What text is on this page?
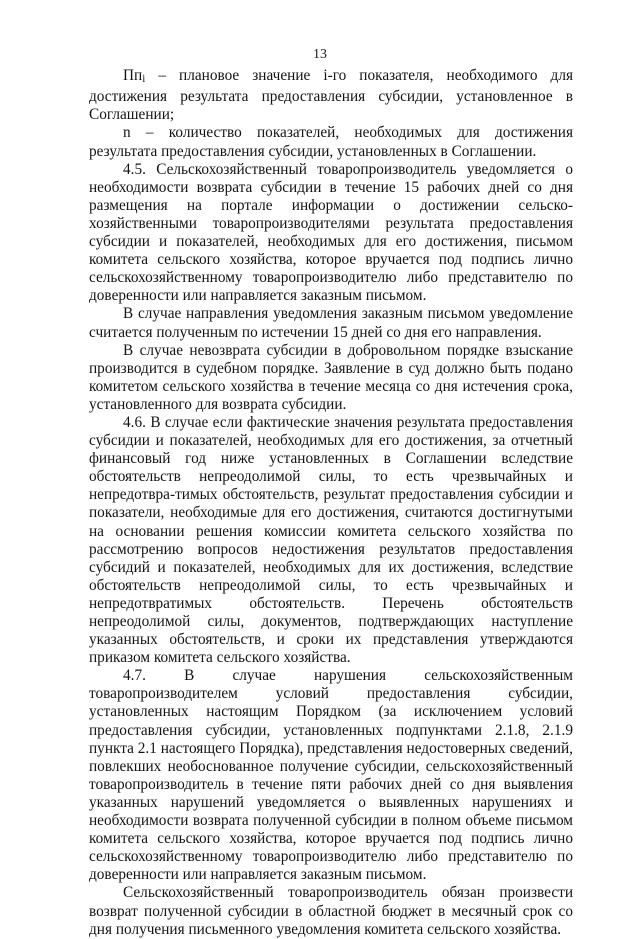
13

Ппi – плановое значение i-го показателя, необходимого для достижения результата предоставления субсидии, установленное в Соглашении;

n – количество показателей, необходимых для достижения результата предоставления субсидии, установленных в Соглашении.

4.5. Сельскохозяйственный товаропроизводитель уведомляется о необходимости возврата субсидии в течение 15 рабочих дней со дня размещения на портале информации о достижении сельско-хозяйственными товаропроизводителями результата предоставления субсидии и показателей, необходимых для его достижения, письмом комитета сельского хозяйства, которое вручается под подпись лично сельскохозяйственному товаропроизводителю либо представителю по доверенности или направляется заказным письмом.

В случае направления уведомления заказным письмом уведомление считается полученным по истечении 15 дней со дня его направления.

В случае невозврата субсидии в добровольном порядке взыскание производится в судебном порядке. Заявление в суд должно быть подано комитетом сельского хозяйства в течение месяца со дня истечения срока, установленного для возврата субсидии.

4.6. В случае если фактические значения результата предоставления субсидии и показателей, необходимых для его достижения, за отчетный финансовый год ниже установленных в Соглашении вследствие обстоятельств непреодолимой силы, то есть чрезвычайных и непредотвра-тимых обстоятельств, результат предоставления субсидии и показатели, необходимые для его достижения, считаются достигнутыми на основании решения комиссии комитета сельского хозяйства по рассмотрению вопросов недостижения результатов предоставления субсидий и показателей, необходимых для их достижения, вследствие обстоятельств непреодолимой силы, то есть чрезвычайных и непредотвратимых обстоятельств. Перечень обстоятельств непреодолимой силы, документов, подтверждающих наступление указанных обстоятельств, и сроки их представления утверждаются приказом комитета сельского хозяйства.

4.7. В случае нарушения сельскохозяйственным товаропроизводителем условий предоставления субсидии, установленных настоящим Порядком (за исключением условий предоставления субсидии, установленных подпунктами 2.1.8, 2.1.9 пункта 2.1 настоящего Порядка), представления недостоверных сведений, повлекших необоснованное получение субсидии, сельскохозяйственный товаропроизводитель в течение пяти рабочих дней со дня выявления указанных нарушений уведомляется о выявленных нарушениях и необходимости возврата полученной субсидии в полном объеме письмом комитета сельского хозяйства, которое вручается под подпись лично сельскохозяйственному товаропроизводителю либо представителю по доверенности или направляется заказным письмом.

Сельскохозяйственный товаропроизводитель обязан произвести возврат полученной субсидии в областной бюджет в месячный срок со дня получения письменного уведомления комитета сельского хозяйства.
